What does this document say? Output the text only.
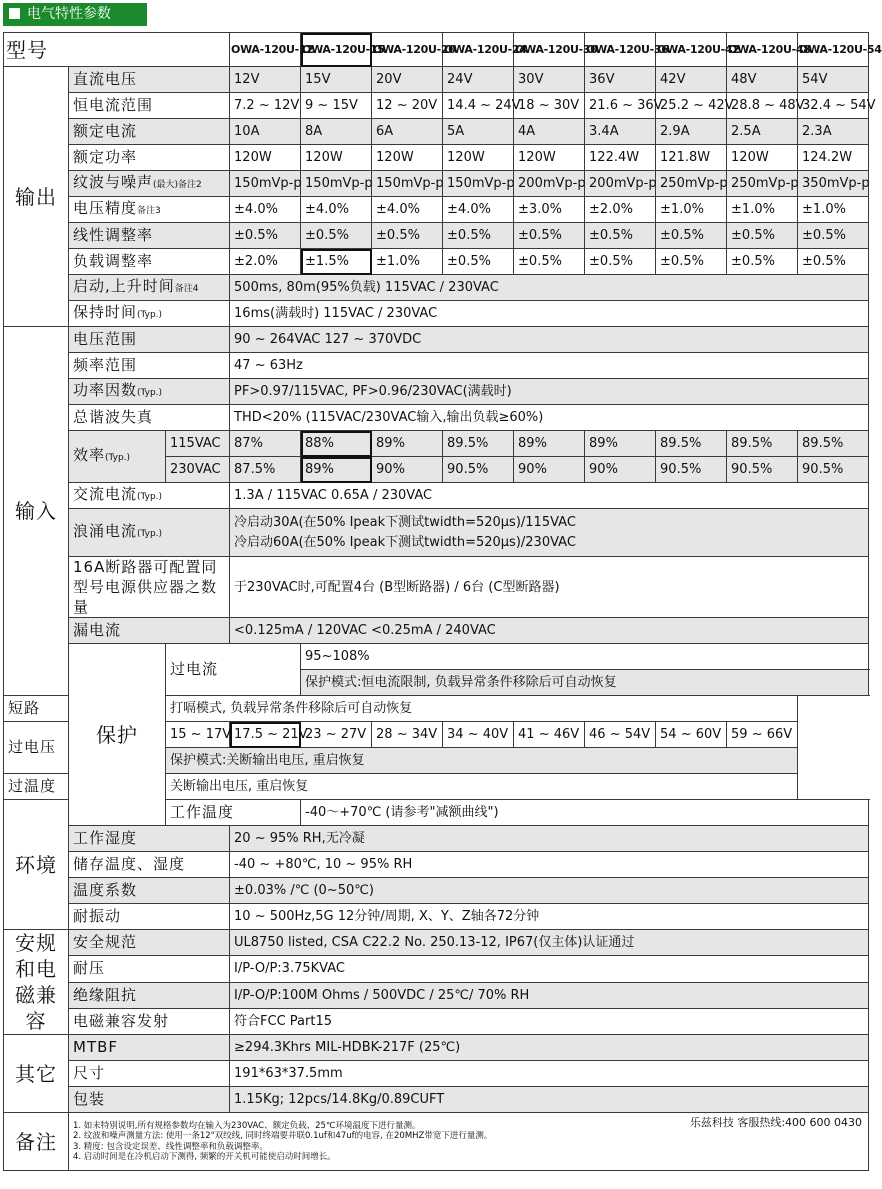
电气特性参数
型号			OWA-120U-12	OWA-120U-15	OWA-120U-20	OWA-120U-24	OWA-120U-30	OWA-120U-36	OWA-120U-42	OWA-120U-48	OWA-120U-54
输出	直流电压		12V	15V	20V	24V	30V	36V	42V	48V	54V
	恒电流范围		7.2 ~ 12V	9 ~ 15V	12 ~ 20V	14.4 ~ 24V	18 ~ 30V	21.6 ~ 36V	25.2 ~ 42V	28.8 ~ 48V	32.4 ~ 54V
	额定电流		10A	8A	6A	5A	4A	3.4A	2.9A	2.5A	2.3A
	额定功率		120W	120W	120W	120W	120W	122.4W	121.8W	120W	124.2W
	纹波与噪声(最大)备注2		150mVp-p	150mVp-p	150mVp-p	150mVp-p	200mVp-p	200mVp-p	250mVp-p	250mVp-p	350mVp-p
	电压精度备注3		±4.0%	±4.0%	±4.0%	±4.0%	±3.0%	±2.0%	±1.0%	±1.0%	±1.0%
	线性调整率		±0.5%	±0.5%	±0.5%	±0.5%	±0.5%	±0.5%	±0.5%	±0.5%	±0.5%
	负载调整率		±2.0%	±1.5%	±1.0%	±0.5%	±0.5%	±0.5%	±0.5%	±0.5%	±0.5%
	启动,上升时间备注4		500ms, 80m(95%负载) 115VAC / 230VAC								
	保持时间(Typ.)		16ms(满载时) 115VAC / 230VAC								
输入	电压范围		90 ~ 264VAC 127 ~ 370VDC								
	频率范围		47 ~ 63Hz								
	功率因数(Typ.)		PF>0.97/115VAC, PF>0.96/230VAC(满载时)								
	总谐波失真		THD<20% (115VAC/230VAC输入,输出负载≥60%)								
	效率(Typ.)	115VAC	87%	88%	89%	89.5%	89%	89%	89.5%	89.5%	89.5%
		230VAC	87.5%	89%	90%	90.5%	90%	90%	90.5%	90.5%	90.5%
	交流电流(Typ.)		1.3A / 115VAC 0.65A / 230VAC								
	浪涌电流(Typ.)		冷启动30A(在50% Ipeak下测试twidth=520μs)/115VAC
冷启动60A(在50% Ipeak下测试twidth=520μs)/230VAC								
	16A断路器可配置同型号电源供应器之数量		于230VAC时,可配置4台 (B型断路器) / 6台 (C型断路器)								
	漏电流		<0.125mA / 120VAC <0.25mA / 240VAC								
	保护	过电流		95~108%							
				保护模式:恒电流限制, 负载异常条件移除后可自动恢复							
短路		打嗝模式, 负载异常条件移除后可自动恢复									
过电压		15 ~ 17V	17.5 ~ 21V	23 ~ 27V	28 ~ 34V	34 ~ 40V	41 ~ 46V	46 ~ 54V	54 ~ 60V	59 ~ 66V	
		保护模式:关断输出电压, 重启恢复									
过温度		关断输出电压, 重启恢复									
环境		工作温度		-40〜+70℃ (请参考"减额曲线")							
	工作湿度		20 ~ 95% RH,无冷凝								
	储存温度、湿度		-40 ~ +80℃, 10 ~ 95% RH								
	温度系数		±0.03% /℃ (0~50℃)								
	耐振动		10 ~ 500Hz,5G 12分钟/周期, X、Y、Z轴各72分钟								
安规和电磁兼容	安全规范		UL8750 listed, CSA C22.2 No. 250.13-12, IP67(仅主体)认证通过								
	耐压		I/P-O/P:3.75KVAC								
	绝缘阻抗		I/P-O/P:100M Ohms / 500VDC / 25℃/ 70% RH								
	电磁兼容发射		符合FCC Part15								
其它	MTBF		≥294.3Khrs MIL-HDBK-217F (25℃)								
	尺寸		191*63*37.5mm								
	包装		1.15Kg; 12pcs/14.8Kg/0.89CUFT								
备注	1. 如未特别说明,所有规格参数均在输入为230VAC、额定负载、25℃环境温度下进行量测。
2. 纹波和噪声测量方法: 使用一条12"双绞线, 同时终端要并联0.1uf和47uf的电容, 在20MHZ带宽下进行量测。
3. 精度: 包含设定误差、线性调整率和负载调整率。
4. 启动时间是在冷机启动下测得, 频繁的开关机可能使启动时间增长。
乐兹科技 客服热线:400 600 0430										
